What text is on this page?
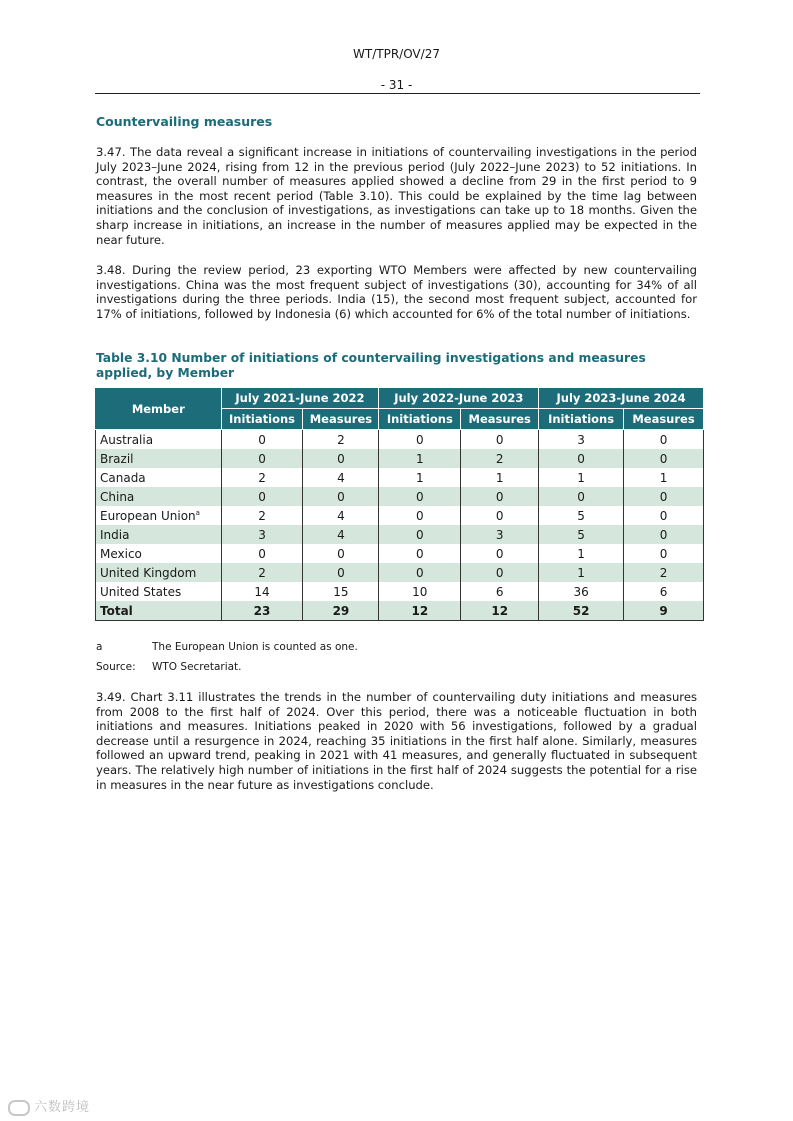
WT/TPR/OV/27
- 31 -
Countervailing measures
3.47. The data reveal a significant increase in initiations of countervailing investigations in the period July 2023–June 2024, rising from 12 in the previous period (July 2022–June 2023) to 52 initiations. In contrast, the overall number of measures applied showed a decline from 29 in the first period to 9 measures in the most recent period (Table 3.10). This could be explained by the time lag between initiations and the conclusion of investigations, as investigations can take up to 18 months. Given the sharp increase in initiations, an increase in the number of measures applied may be expected in the near future.
3.48. During the review period, 23 exporting WTO Members were affected by new countervailing investigations. China was the most frequent subject of investigations (30), accounting for 34% of all investigations during the three periods. India (15), the second most frequent subject, accounted for 17% of initiations, followed by Indonesia (6) which accounted for 6% of the total number of initiations.
Table 3.10 Number of initiations of countervailing investigations and measures applied, by Member
Member	July 2021-June 2022		July 2022-June 2023		July 2023-June 2024	
	Initiations	Measures	Initiations	Measures	Initiations	Measures
Australia	0	2	0	0	3	0
Brazil	0	0	1	2	0	0
Canada	2	4	1	1	1	1
China	0	0	0	0	0	0
European Union$^a$	2	4	0	0	5	0
India	3	4	0	3	5	0
Mexico	0	0	0	0	1	0
United Kingdom	2	0	0	0	1	2
United States	14	15	10	6	36	6
Total	23	29	12	12	52	9
a	The European Union is counted as one.
Source: WTO Secretariat.
3.49. Chart 3.11 illustrates the trends in the number of countervailing duty initiations and measures from 2008 to the first half of 2024. Over this period, there was a noticeable fluctuation in both initiations and measures. Initiations peaked in 2020 with 56 investigations, followed by a gradual decrease until a resurgence in 2024, reaching 35 initiations in the first half alone. Similarly, measures followed an upward trend, peaking in 2021 with 41 measures, and generally fluctuated in subsequent years. The relatively high number of initiations in the first half of 2024 suggests the potential for a rise in measures in the near future as investigations conclude.
六数跨境
